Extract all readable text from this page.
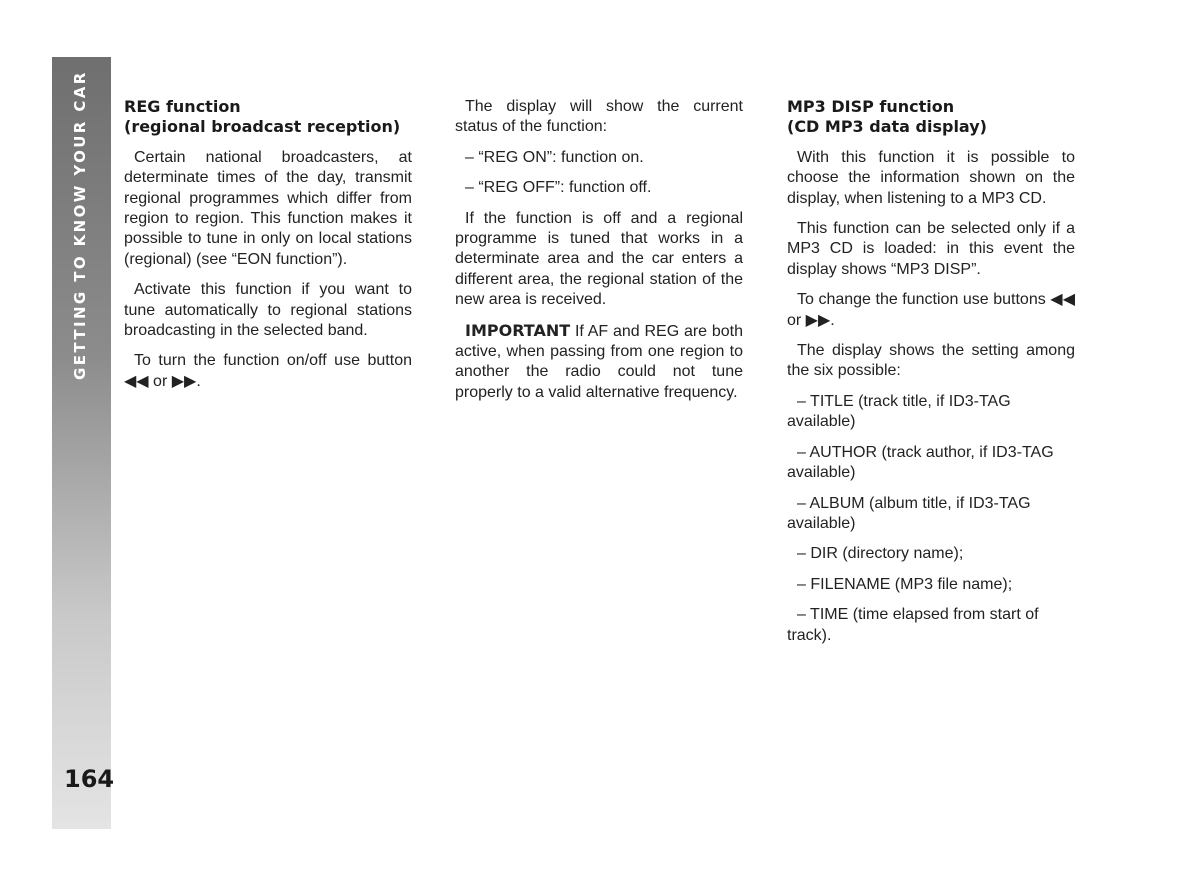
GETTING TO KNOW YOUR CAR
164
REG function
(regional broadcast reception)

Certain national broadcasters, at determinate times of the day, transmit regional programmes which differ from region to region. This function makes it possible to tune in only on local stations (regional) (see “EON function”).

Activate this function if you want to tune automatically to regional stations broadcasting in the selected band.

To turn the function on/off use button ◀◀ or ▶▶.

The display will show the current status of the function:

– “REG ON”: function on.

– “REG OFF”: function off.

If the function is off and a regional programme is tuned that works in a determinate area and the car enters a different area, the regional station of the new area is received.

IMPORTANT If AF and REG are both active, when passing from one region to another the radio could not tune properly to a valid alternative frequency.

MP3 DISP function
(CD MP3 data display)

With this function it is possible to choose the information shown on the display, when listening to a MP3 CD.

This function can be selected only if a MP3 CD is loaded: in this event the display shows “MP3 DISP”.

To change the function use buttons ◀◀ or ▶▶.

The display shows the setting among the six possible:

– TITLE (track title, if ID3-TAG available)

– AUTHOR (track author, if ID3-TAG available)

– ALBUM (album title, if ID3-TAG available)

– DIR (directory name);

– FILENAME (MP3 file name);

– TIME (time elapsed from start of track).
